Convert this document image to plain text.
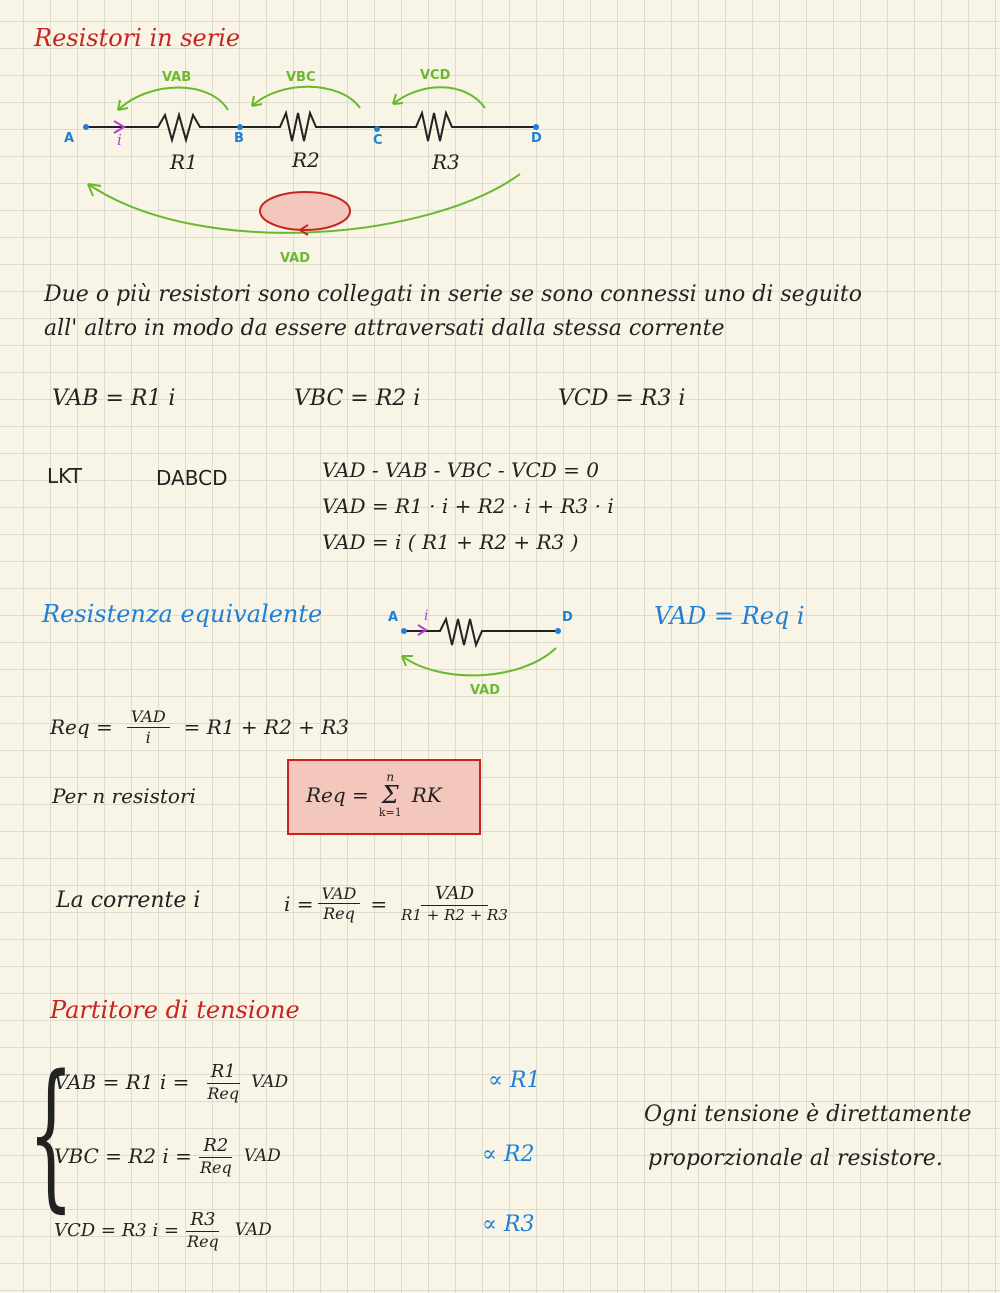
Resistori in serie
A	B	C	D
i
R1	R2	R3
VAB	VBC	VCD
VAD
Due o più resistori sono collegati in serie se sono connessi uno di seguito
all' altro in modo da essere attraversati dalla stessa corrente
VAB = R1 i	VBC = R2 i	VCD = R3 i
LKT	DABCD	VAD - VAB - VBC - VCD = 0
VAD = R1 · i + R2 · i + R3 · i
VAD = i ( R1 + R2 + R3 )
Resistenza equivalente	A	D
i
VAD
VAD = Req i
Req = $\frac{\text{VAD}}{i} = R1 + R2 + R3$
Per n resistori	Req =
n
Σ
k=1
RK
La corrente i	$i = \frac{\text{VAD}}{\text{Req}} = \frac{\text{VAD}}{R1 + R2 + R3}$
Partitore di tensione
{
VAB = R1 $i = \frac{R1}{\text{Req}}$ VAD
VBC = R2 $i = \frac{R2}{\text{Req}}$ VAD
VCD = R3 $i = \frac{R3}{\text{Req}}$ VAD
∝ R1
∝ R2
∝ R3
Ogni tensione è direttamente
proporzionale al resistore.
